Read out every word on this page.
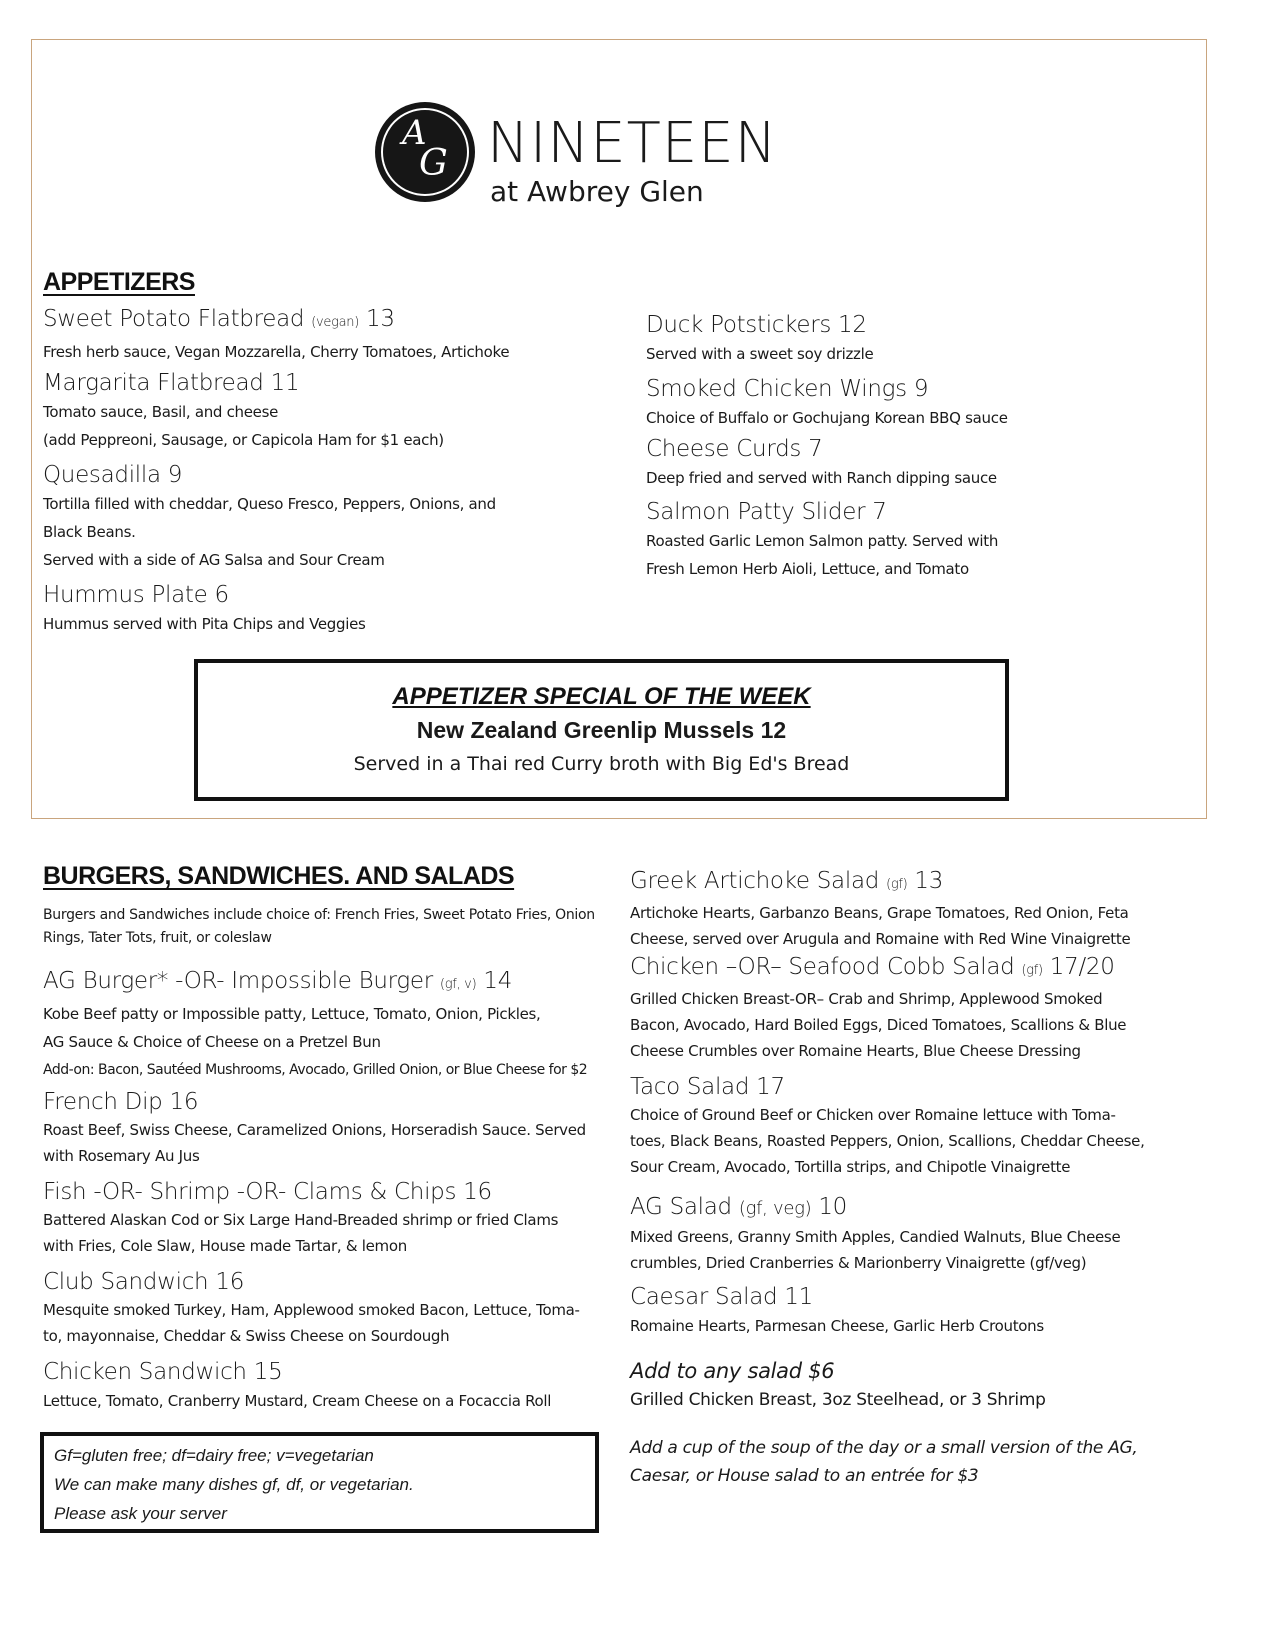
A
G NINETEEN
at Awbrey Glen
APPETIZERS
Sweet Potato Flatbread (vegan) 13
Fresh herb sauce, Vegan Mozzarella, Cherry Tomatoes, Artichoke
Margarita Flatbread 11
Tomato sauce, Basil, and cheese
(add Peppreoni, Sausage, or Capicola Ham for $1 each)
Quesadilla 9
Tortilla filled with cheddar, Queso Fresco, Peppers, Onions, and
Black Beans.
Served with a side of AG Salsa and Sour Cream
Hummus Plate 6
Hummus served with Pita Chips and Veggies
Duck Potstickers 12
Served with a sweet soy drizzle
Smoked Chicken Wings 9
Choice of Buffalo or Gochujang Korean BBQ sauce
Cheese Curds 7
Deep fried and served with Ranch dipping sauce
Salmon Patty Slider 7
Roasted Garlic Lemon Salmon patty. Served with
Fresh Lemon Herb Aioli, Lettuce, and Tomato
APPETIZER SPECIAL OF THE WEEK
New Zealand Greenlip Mussels 12
Served in a Thai red Curry broth with Big Ed's Bread
BURGERS, SANDWICHES. AND SALADS
Burgers and Sandwiches include choice of: French Fries, Sweet Potato Fries, Onion
Rings, Tater Tots, fruit, or coleslaw
AG Burger* -OR- Impossible Burger (gf, v) 14
Kobe Beef patty or Impossible patty, Lettuce, Tomato, Onion, Pickles,
AG Sauce & Choice of Cheese on a Pretzel Bun
Add-on: Bacon, Sautéed Mushrooms, Avocado, Grilled Onion, or Blue Cheese for $2
French Dip 16
Roast Beef, Swiss Cheese, Caramelized Onions, Horseradish Sauce. Served
with Rosemary Au Jus
Fish -OR- Shrimp -OR- Clams & Chips 16
Battered Alaskan Cod or Six Large Hand-Breaded shrimp or fried Clams
with Fries, Cole Slaw, House made Tartar, & lemon
Club Sandwich 16
Mesquite smoked Turkey, Ham, Applewood smoked Bacon, Lettuce, Toma-
to, mayonnaise, Cheddar & Swiss Cheese on Sourdough
Chicken Sandwich 15
Lettuce, Tomato, Cranberry Mustard, Cream Cheese on a Focaccia Roll
Greek Artichoke Salad (gf) 13
Artichoke Hearts, Garbanzo Beans, Grape Tomatoes, Red Onion, Feta
Cheese, served over Arugula and Romaine with Red Wine Vinaigrette
Chicken –OR– Seafood Cobb Salad (gf) 17/20
Grilled Chicken Breast-OR– Crab and Shrimp, Applewood Smoked
Bacon, Avocado, Hard Boiled Eggs, Diced Tomatoes, Scallions & Blue
Cheese Crumbles over Romaine Hearts, Blue Cheese Dressing
Taco Salad 17
Choice of Ground Beef or Chicken over Romaine lettuce with Toma-
toes, Black Beans, Roasted Peppers, Onion, Scallions, Cheddar Cheese,
Sour Cream, Avocado, Tortilla strips, and Chipotle Vinaigrette
AG Salad (gf, veg) 10
Mixed Greens, Granny Smith Apples, Candied Walnuts, Blue Cheese
crumbles, Dried Cranberries & Marionberry Vinaigrette (gf/veg)
Caesar Salad 11
Romaine Hearts, Parmesan Cheese, Garlic Herb Croutons
Add to any salad $6
Grilled Chicken Breast, 3oz Steelhead, or 3 Shrimp
Add a cup of the soup of the day or a small version of the AG,
Caesar, or House salad to an entrée for $3
Gf=gluten free; df=dairy free; v=vegetarian
We can make many dishes gf, df, or vegetarian.
Please ask your server
